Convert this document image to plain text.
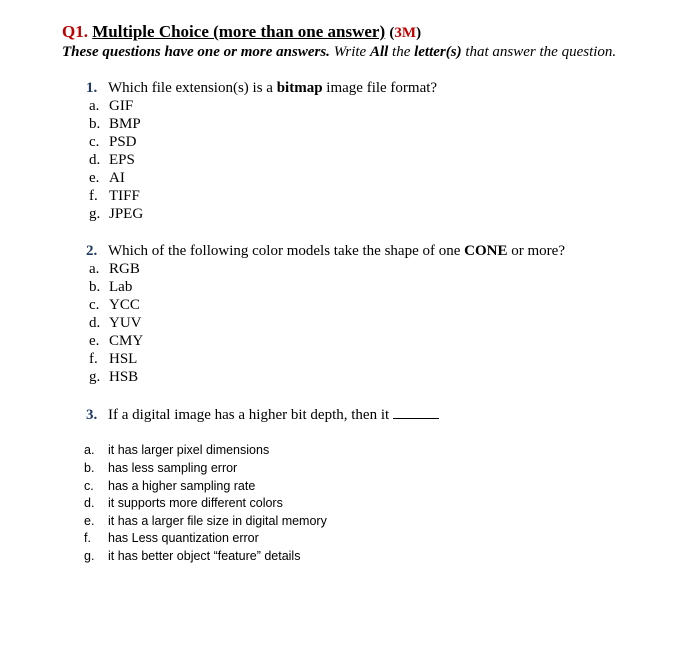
Q1. Multiple Choice (more than one answer) (3M)
These questions have one or more answers. Write All the letter(s) that answer the question.
1. Which file extension(s) is a bitmap image file format?
a. GIF
b. BMP
c. PSD
d. EPS
e. AI
f. TIFF
g. JPEG
2. Which of the following color models take the shape of one CONE or more?
a. RGB
b. Lab
c. YCC
d. YUV
e. CMY
f. HSL
g. HSB
3. If a digital image has a higher bit depth, then it
a. it has larger pixel dimensions
b. has less sampling error
c. has a higher sampling rate
d. it supports more different colors
e. it has a larger file size in digital memory
f. has Less quantization error
g. it has better object “feature” details
